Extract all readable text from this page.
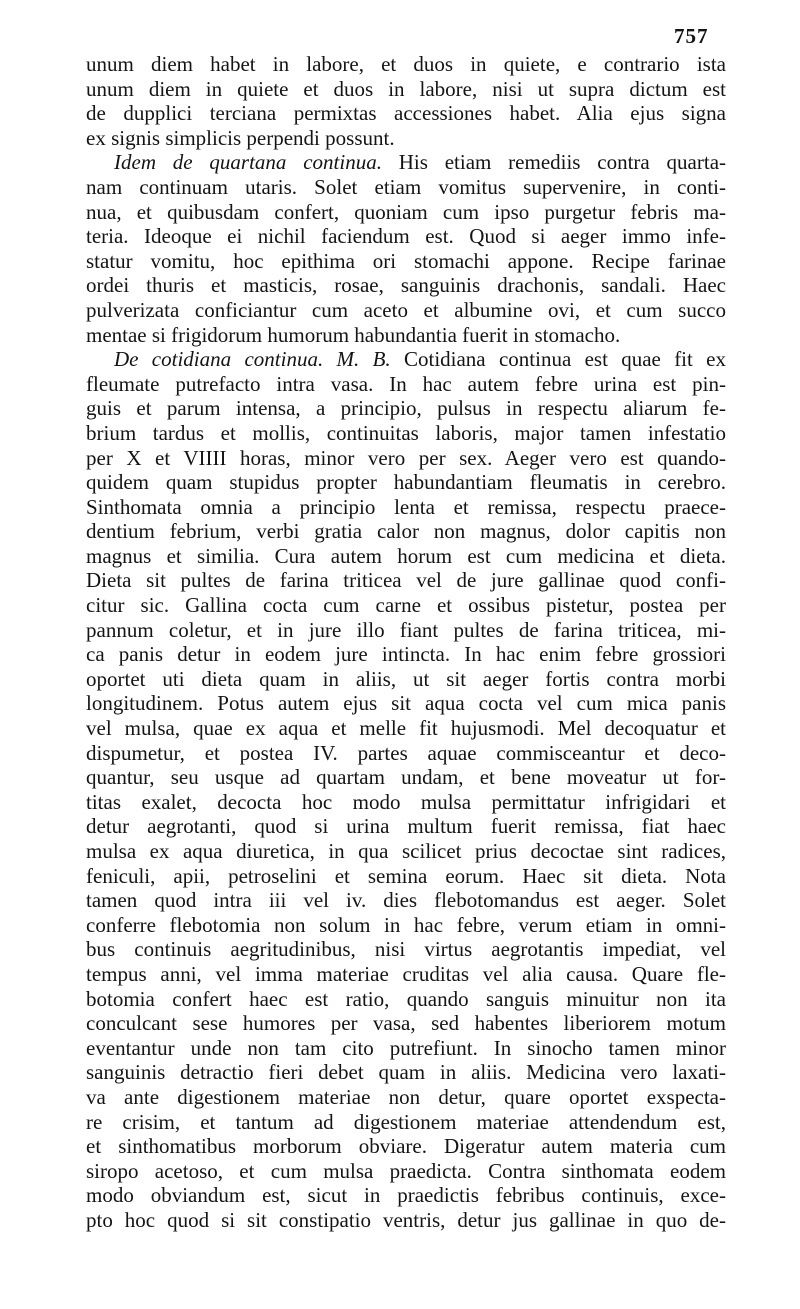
757
unum diem habet in labore, et duos in quiete, e contrario ista
unum diem in quiete et duos in labore, nisi ut supra dictum est
de dupplici terciana permixtas accessiones habet. Alia ejus signa
ex signis simplicis perpendi possunt.
Idem de quartana continua. His etiam remediis contra quarta-
nam continuam utaris. Solet etiam vomitus supervenire, in conti-
nua, et quibusdam confert, quoniam cum ipso purgetur febris ma-
teria. Ideoque ei nichil faciendum est. Quod si aeger immo infe-
statur vomitu, hoc epithima ori stomachi appone. Recipe farinae
ordei thuris et masticis, rosae, sanguinis drachonis, sandali. Haec
pulverizata conficiantur cum aceto et albumine ovi, et cum succo
mentae si frigidorum humorum habundantia fuerit in stomacho.
De cotidiana continua. M. B. Cotidiana continua est quae fit ex
fleumate putrefacto intra vasa. In hac autem febre urina est pin-
guis et parum intensa, a principio, pulsus in respectu aliarum fe-
brium tardus et mollis, continuitas laboris, major tamen infestatio
per X et VIIII horas, minor vero per sex. Aeger vero est quando-
quidem quam stupidus propter habundantiam fleumatis in cerebro.
Sinthomata omnia a principio lenta et remissa, respectu praece-
dentium febrium, verbi gratia calor non magnus, dolor capitis non
magnus et similia. Cura autem horum est cum medicina et dieta.
Dieta sit pultes de farina triticea vel de jure gallinae quod confi-
citur sic. Gallina cocta cum carne et ossibus pistetur, postea per
pannum coletur, et in jure illo fiant pultes de farina triticea, mi-
ca panis detur in eodem jure intincta. In hac enim febre grossiori
oportet uti dieta quam in aliis, ut sit aeger fortis contra morbi
longitudinem. Potus autem ejus sit aqua cocta vel cum mica panis
vel mulsa, quae ex aqua et melle fit hujusmodi. Mel decoquatur et
dispumetur, et postea IV. partes aquae commisceantur et deco-
quantur, seu usque ad quartam undam, et bene moveatur ut for-
titas exalet, decocta hoc modo mulsa permittatur infrigidari et
detur aegrotanti, quod si urina multum fuerit remissa, fiat haec
mulsa ex aqua diuretica, in qua scilicet prius decoctae sint radices,
feniculi, apii, petroselini et semina eorum. Haec sit dieta. Nota
tamen quod intra iii vel iv. dies flebotomandus est aeger. Solet
conferre flebotomia non solum in hac febre, verum etiam in omni-
bus continuis aegritudinibus, nisi virtus aegrotantis impediat, vel
tempus anni, vel imma materiae cruditas vel alia causa. Quare fle-
botomia confert haec est ratio, quando sanguis minuitur non ita
conculcant sese humores per vasa, sed habentes liberiorem motum
eventantur unde non tam cito putrefiunt. In sinocho tamen minor
sanguinis detractio fieri debet quam in aliis. Medicina vero laxati-
va ante digestionem materiae non detur, quare oportet exspecta-
re crisim, et tantum ad digestionem materiae attendendum est,
et sinthomatibus morborum obviare. Digeratur autem materia cum
siropo acetoso, et cum mulsa praedicta. Contra sinthomata eodem
modo obviandum est, sicut in praedictis febribus continuis, exce-
pto hoc quod si sit constipatio ventris, detur jus gallinae in quo de-
